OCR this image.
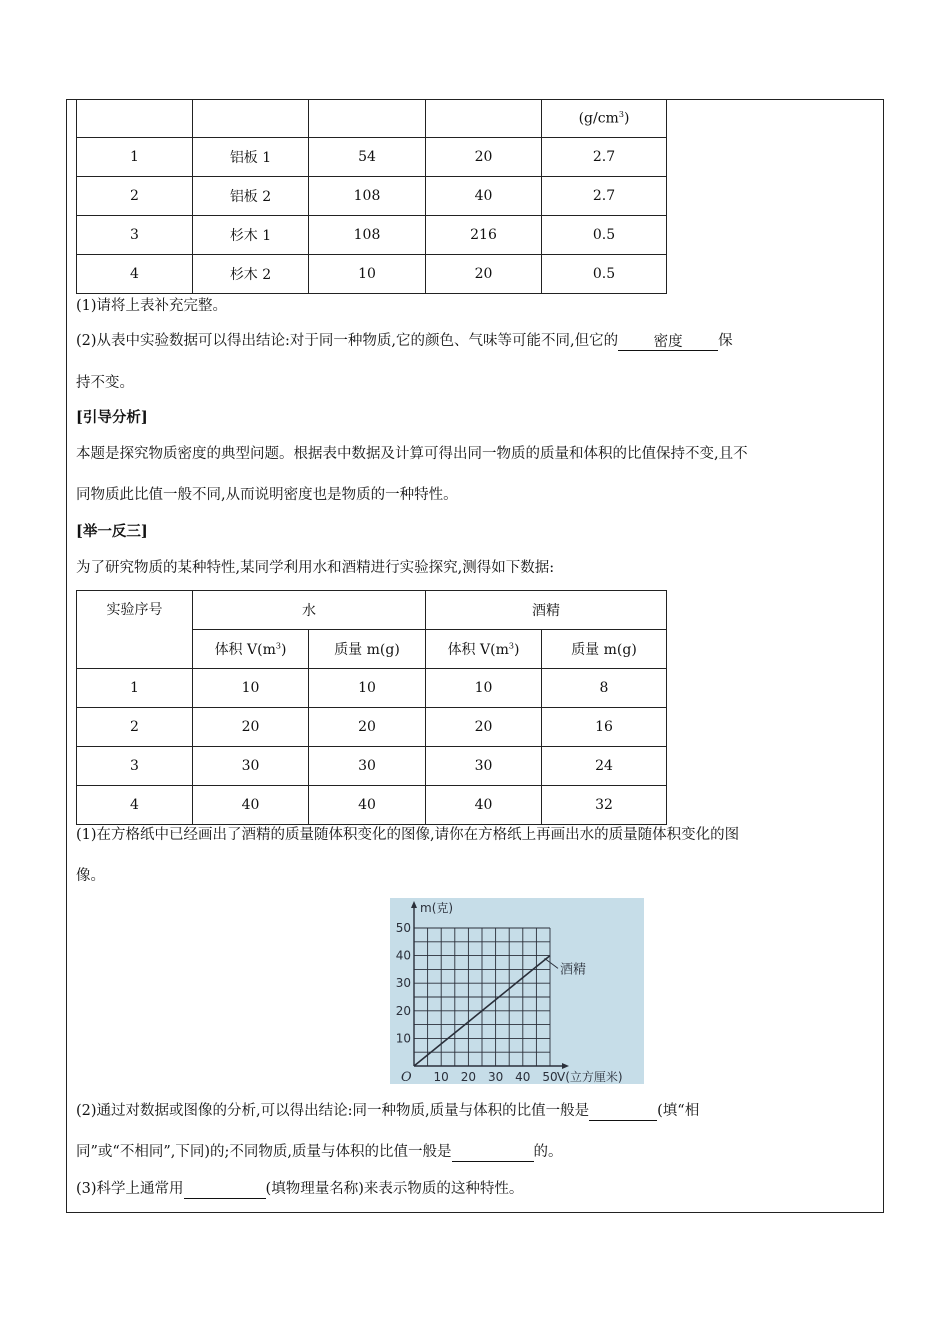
				$(g/cm^3)$
1	铝板 1	54	20	2.7
2	铝板 2	108	40	2.7
3	杉木 1	108	216	0.5
4	杉木 2	10	20	0.5
(1)请将上表补充完整。
(2)从表中实验数据可以得出结论:对于同一种物质,它的颜色、气味等可能不同,但它的 密度 保
持不变。
[引导分析]
本题是探究物质密度的典型问题。根据表中数据及计算可得出同一物质的质量和体积的比值保持不变,且不
同物质此比值一般不同,从而说明密度也是物质的一种特性。
[举一反三]
为了研究物质的某种特性,某同学利用水和酒精进行实验探究,测得如下数据:
实验序号	水		酒精	
	体积 $V(m^3)$	质量 m(g)	体积 $V(m^3)$	质量 m(g)
1	10	10	10	8
2	20	20	20	16
3	30	30	30	24
4	40	40	40	32
(1)在方格纸中已经画出了酒精的质量随体积变化的图像,请你在方格纸上再画出水的质量随体积变化的图
像。
酒精
10
20
30
40
50
10 20 30 40 50
O
m(克)
V(立方厘米)
(2)通过对数据或图像的分析,可以得出结论:同一种物质,质量与体积的比值一般是	(填“相
同”或“不相同”,下同)的;不同物质,质量与体积的比值一般是	的。
(3)科学上通常用	(填物理量名称)来表示物质的这种特性。
